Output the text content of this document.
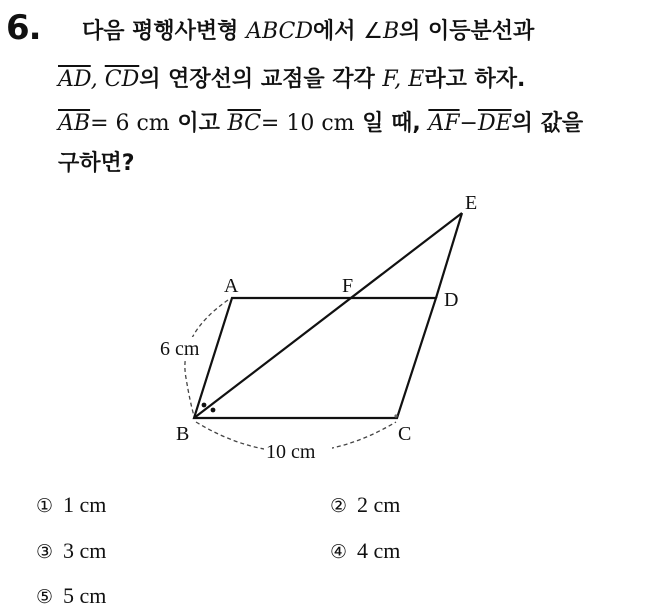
6. 다음 평행사변형 ABCD에서 ∠B의 이등분선과
$\overline{AD}$, $\overline{CD}$의 연장선의 교점을 각각 F, E라고 하자.
$\overline{AB}= 6$ cm 이고 $\overline{BC}= 10$ cm 일 때, $\overline{AF}-\overline{DE}$의 값을
구하면?
A	F
D
E
B	C
6 cm
10 cm
① 1 cm	② 2 cm
③ 3 cm	④ 4 cm
⑤ 5 cm
